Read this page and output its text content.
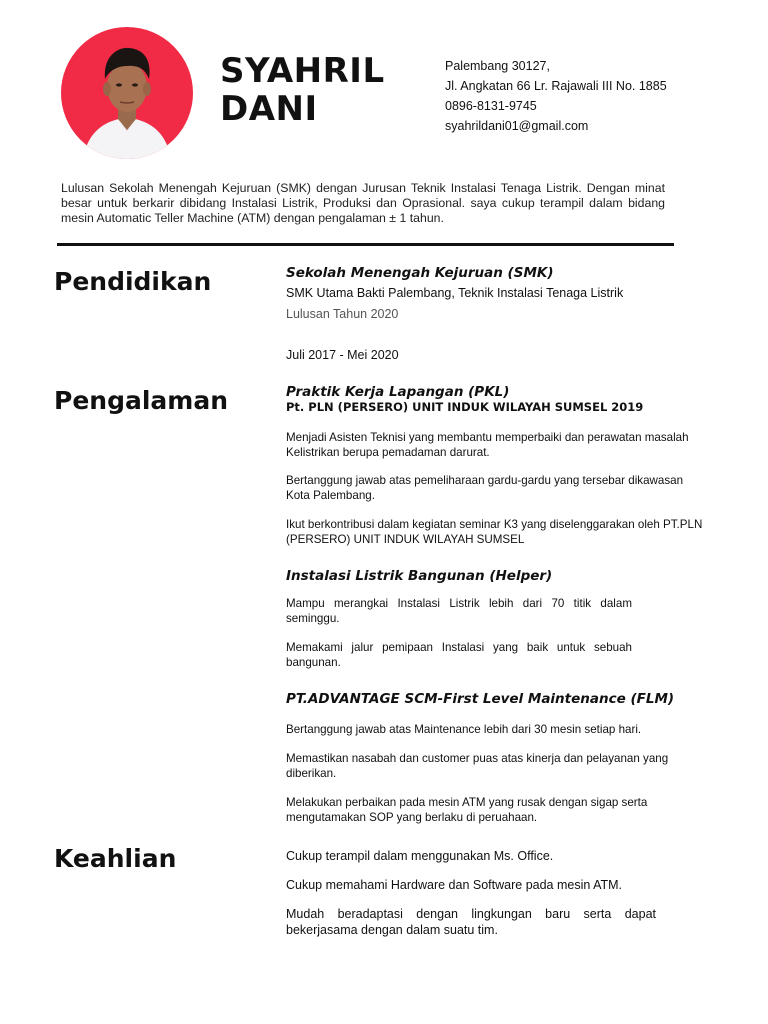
SYAHRIL
DANI
Palembang 30127,
Jl. Angkatan 66 Lr. Rajawali III No. 1885
0896-8131-9745
syahrildani01@gmail.com
Lulusan Sekolah Menengah Kejuruan (SMK) dengan Jurusan Teknik Instalasi Tenaga Listrik. Dengan minat besar untuk berkarir dibidang Instalasi Listrik, Produksi dan Oprasional. saya cukup terampil dalam bidang mesin Automatic Teller Machine (ATM) dengan pengalaman ± 1 tahun.
Pendidikan	Sekolah Menengah Kejuruan (SMK)
SMK Utama Bakti Palembang, Teknik Instalasi Tenaga Listrik
Lulusan Tahun 2020
Juli 2017 - Mei 2020
Pengalaman	Praktik Kerja Lapangan (PKL)
Pt. PLN (PERSERO) UNIT INDUK WILAYAH SUMSEL 2019
Menjadi Asisten Teknisi yang membantu memperbaiki dan perawatan masalah Kelistrikan berupa pemadaman darurat.
Bertanggung jawab atas pemeliharaan gardu-gardu yang tersebar dikawasan Kota Palembang.
Ikut berkontribusi dalam kegiatan seminar K3 yang diselenggarakan oleh PT.PLN (PERSERO) UNIT INDUK WILAYAH SUMSEL
Instalasi Listrik Bangunan (Helper)
Mampu merangkai Instalasi Listrik lebih dari 70 titik dalam seminggu.
Memakami jalur pemipaan Instalasi yang baik untuk sebuah bangunan.
PT.ADVANTAGE SCM-First Level Maintenance (FLM)
Bertanggung jawab atas Maintenance lebih dari 30 mesin setiap hari.
Memastikan nasabah dan customer puas atas kinerja dan pelayanan yang diberikan.
Melakukan perbaikan pada mesin ATM yang rusak dengan sigap serta mengutamakan SOP yang berlaku di peruahaan.
Keahlian	Cukup terampil dalam menggunakan Ms. Office.
Cukup memahami Hardware dan Software pada mesin ATM.
Mudah beradaptasi dengan lingkungan baru serta dapat bekerjasama dengan dalam suatu tim.
